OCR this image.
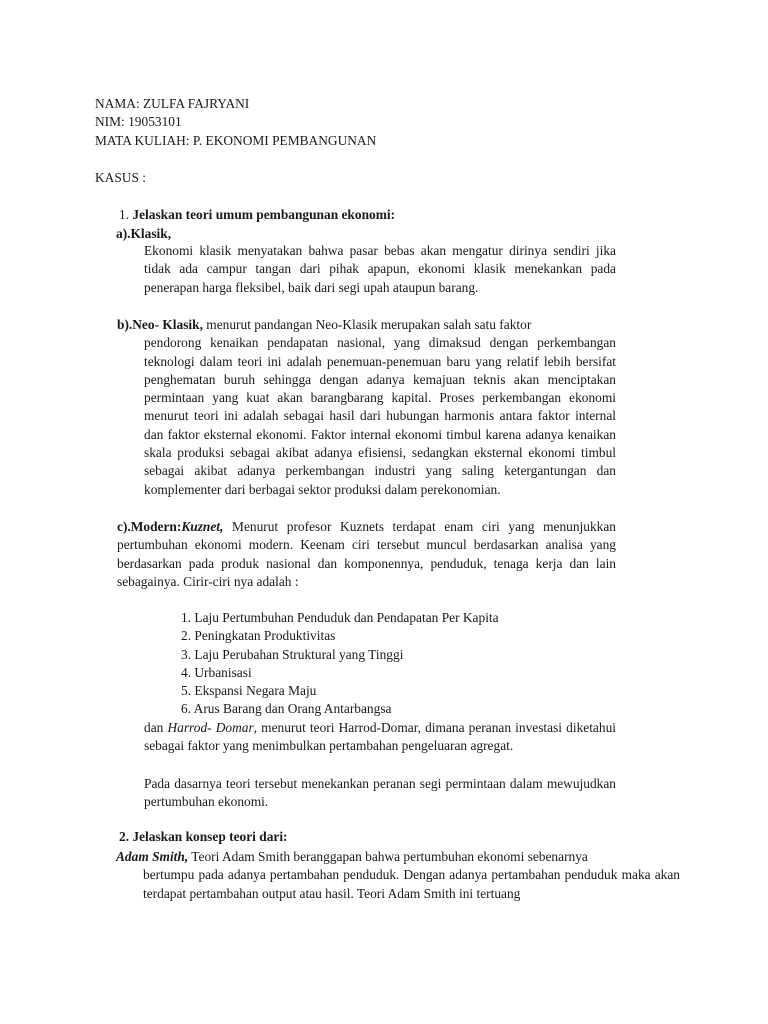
NAMA: ZULFA FAJRYANI
NIM: 19053101
MATA KULIAH: P. EKONOMI PEMBANGUNAN
KASUS :
1. Jelaskan teori umum pembangunan ekonomi:
a).Klasik,
Ekonomi klasik menyatakan bahwa pasar bebas akan mengatur dirinya sendiri jika tidak ada campur tangan dari pihak apapun, ekonomi klasik menekankan pada penerapan harga fleksibel, baik dari segi upah ataupun barang.
b).Neo- Klasik, menurut pandangan Neo-Klasik merupakan salah satu faktor
pendorong kenaikan pendapatan nasional, yang dimaksud dengan perkembangan teknologi dalam teori ini adalah penemuan-penemuan baru yang relatif lebih bersifat penghematan buruh sehingga dengan adanya kemajuan teknis akan menciptakan permintaan yang kuat akan barangbarang kapital. Proses perkembangan ekonomi menurut teori ini adalah sebagai hasil dari hubungan harmonis antara faktor internal dan faktor eksternal ekonomi. Faktor internal ekonomi timbul karena adanya kenaikan skala produksi sebagai akibat adanya efisiensi, sedangkan eksternal ekonomi timbul sebagai akibat adanya perkembangan industri yang saling ketergantungan dan komplementer dari berbagai sektor produksi dalam perekonomian.
c).Modern:Kuznet, Menurut profesor Kuznets terdapat enam ciri yang menunjukkan pertumbuhan ekonomi modern. Keenam ciri tersebut muncul berdasarkan analisa yang berdasarkan pada produk nasional dan komponennya, penduduk, tenaga kerja dan lain sebagainya. Cirir-ciri nya adalah :
1. Laju Pertumbuhan Penduduk dan Pendapatan Per Kapita
2. Peningkatan Produktivitas
3. Laju Perubahan Struktural yang Tinggi
4. Urbanisasi
5. Ekspansi Negara Maju
6. Arus Barang dan Orang Antarbangsa
dan Harrod- Domar, menurut teori Harrod-Domar, dimana peranan investasi diketahui sebagai faktor yang menimbulkan pertambahan pengeluaran agregat.
Pada dasarnya teori tersebut menekankan peranan segi permintaan dalam mewujudkan pertumbuhan ekonomi.
2. Jelaskan konsep teori dari:
Adam Smith, Teori Adam Smith beranggapan bahwa pertumbuhan ekonomi sebenarnya
bertumpu pada adanya pertambahan penduduk. Dengan adanya pertambahan penduduk maka akan terdapat pertambahan output atau hasil. Teori Adam Smith ini tertuang
